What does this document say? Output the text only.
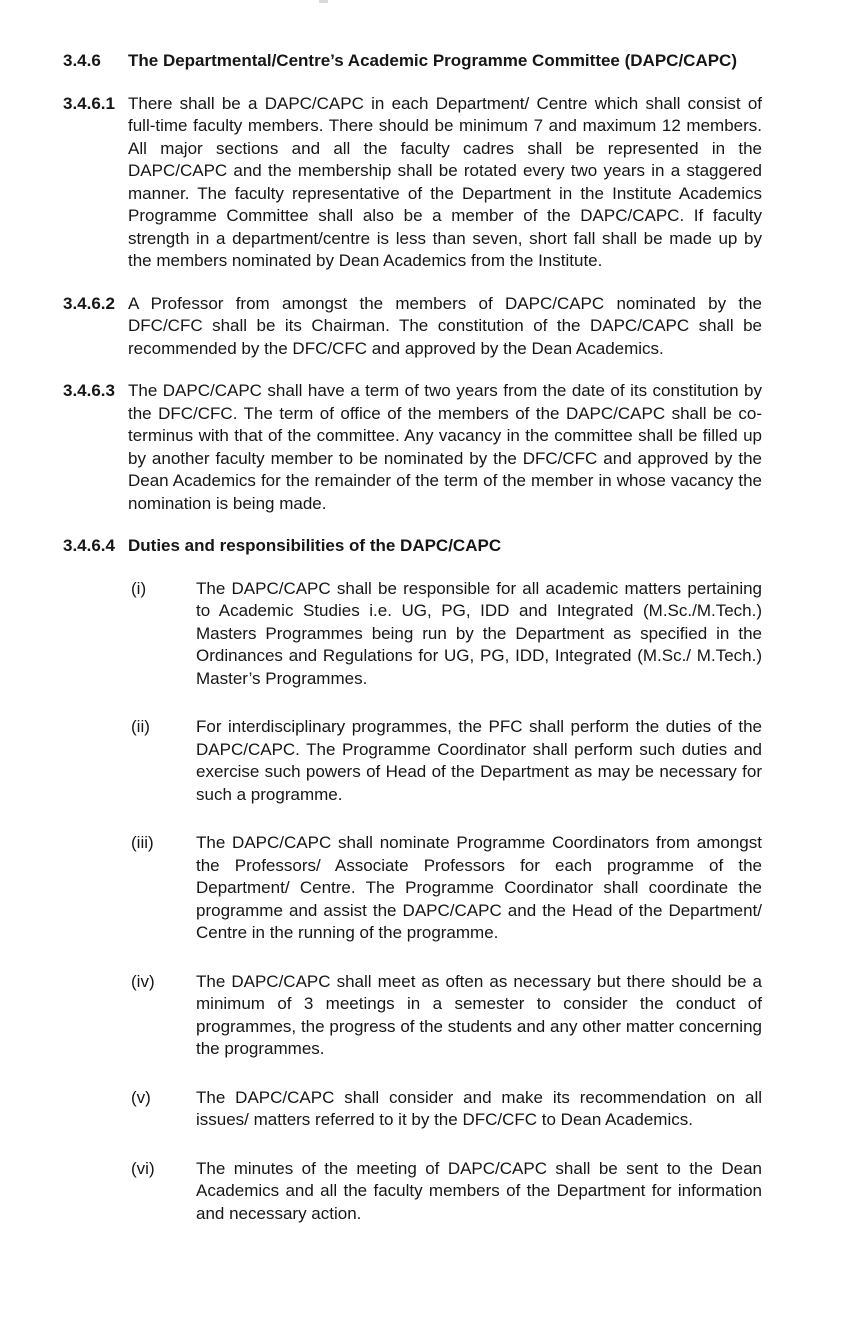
3.4.6	The Departmental/Centre’s Academic Programme Committee (DAPC/CAPC)
3.4.6.1 There shall be a DAPC/CAPC in each Department/ Centre which shall consist of full-time faculty members. There should be minimum 7 and maximum 12 members. All major sections and all the faculty cadres shall be represented in the DAPC/CAPC and the membership shall be rotated every two years in a staggered manner. The faculty representative of the Department in the Institute Academics Programme Committee shall also be a member of the DAPC/CAPC. If faculty strength in a department/centre is less than seven, short fall shall be made up by the members nominated by Dean Academics from the Institute.
3.4.6.2 A Professor from amongst the members of DAPC/CAPC nominated by the DFC/CFC shall be its Chairman. The constitution of the DAPC/CAPC shall be recommended by the DFC/CFC and approved by the Dean Academics.
3.4.6.3 The DAPC/CAPC shall have a term of two years from the date of its constitution by the DFC/CFC. The term of office of the members of the DAPC/CAPC shall be co-terminus with that of the committee. Any vacancy in the committee shall be filled up by another faculty member to be nominated by the DFC/CFC and approved by the Dean Academics for the remainder of the term of the member in whose vacancy the nomination is being made.
3.4.6.4 Duties and responsibilities of the DAPC/CAPC
(i)	The DAPC/CAPC shall be responsible for all academic matters pertaining to Academic Studies i.e. UG, PG, IDD and Integrated (M.Sc./M.Tech.) Masters Programmes being run by the Department as specified in the Ordinances and Regulations for UG, PG, IDD, Integrated (M.Sc./ M.Tech.) Master’s Programmes.
(ii)	For interdisciplinary programmes, the PFC shall perform the duties of the DAPC/CAPC. The Programme Coordinator shall perform such duties and exercise such powers of Head of the Department as may be necessary for such a programme.
(iii)	The DAPC/CAPC shall nominate Programme Coordinators from amongst the Professors/ Associate Professors for each programme of the Department/ Centre. The Programme Coordinator shall coordinate the programme and assist the DAPC/CAPC and the Head of the Department/ Centre in the running of the programme.
(iv)	The DAPC/CAPC shall meet as often as necessary but there should be a minimum of 3 meetings in a semester to consider the conduct of programmes, the progress of the students and any other matter concerning the programmes.
(v)	The DAPC/CAPC shall consider and make its recommendation on all issues/ matters referred to it by the DFC/CFC to Dean Academics.
(vi)	The minutes of the meeting of DAPC/CAPC shall be sent to the Dean Academics and all the faculty members of the Department for information and necessary action.
